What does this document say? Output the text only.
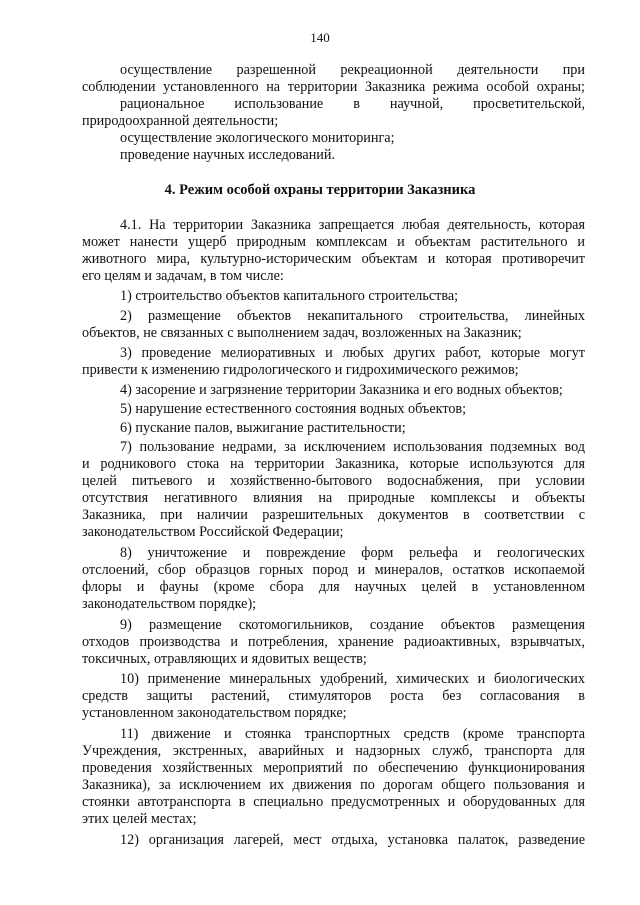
140
осуществление разрешенной рекреационной деятельности при
соблюдении установленного на территории Заказника режима особой охраны;
рациональное использование в научной, просветительской,
природоохранной деятельности;
осуществление экологического мониторинга;
проведение научных исследований.
4. Режим особой охраны территории Заказника
4.1. На территории Заказника запрещается любая деятельность, которая
может нанести ущерб природным комплексам и объектам растительного и
животного мира, культурно-историческим объектам и которая противоречит
его целям и задачам, в том числе:
1) строительство объектов капитального строительства;
2) размещение объектов некапитального строительства, линейных
объектов, не связанных с выполнением задач, возложенных на Заказник;
3) проведение мелиоративных и любых других работ, которые могут
привести к изменению гидрологического и гидрохимического режимов;
4) засорение и загрязнение территории Заказника и его водных объектов;
5) нарушение естественного состояния водных объектов;
6) пускание палов, выжигание растительности;
7) пользование недрами, за исключением использования подземных вод
и родникового стока на территории Заказника, которые используются для
целей питьевого и хозяйственно-бытового водоснабжения, при условии
отсутствия негативного влияния на природные комплексы и объекты
Заказника, при наличии разрешительных документов в соответствии с
законодательством Российской Федерации;
8) уничтожение и повреждение форм рельефа и геологических
отслоений, сбор образцов горных пород и минералов, остатков ископаемой
флоры и фауны (кроме сбора для научных целей в установленном
законодательством порядке);
9) размещение скотомогильников, создание объектов размещения
отходов производства и потребления, хранение радиоактивных, взрывчатых,
токсичных, отравляющих и ядовитых веществ;
10) применение минеральных удобрений, химических и биологических
средств защиты растений, стимуляторов роста без согласования в
установленном законодательством порядке;
11) движение и стоянка транспортных средств (кроме транспорта
Учреждения, экстренных, аварийных и надзорных служб, транспорта для
проведения хозяйственных мероприятий по обеспечению функционирования
Заказника), за исключением их движения по дорогам общего пользования и
стоянки автотранспорта в специально предусмотренных и оборудованных для
этих целей местах;
12) организация лагерей, мест отдыха, установка палаток, разведение
